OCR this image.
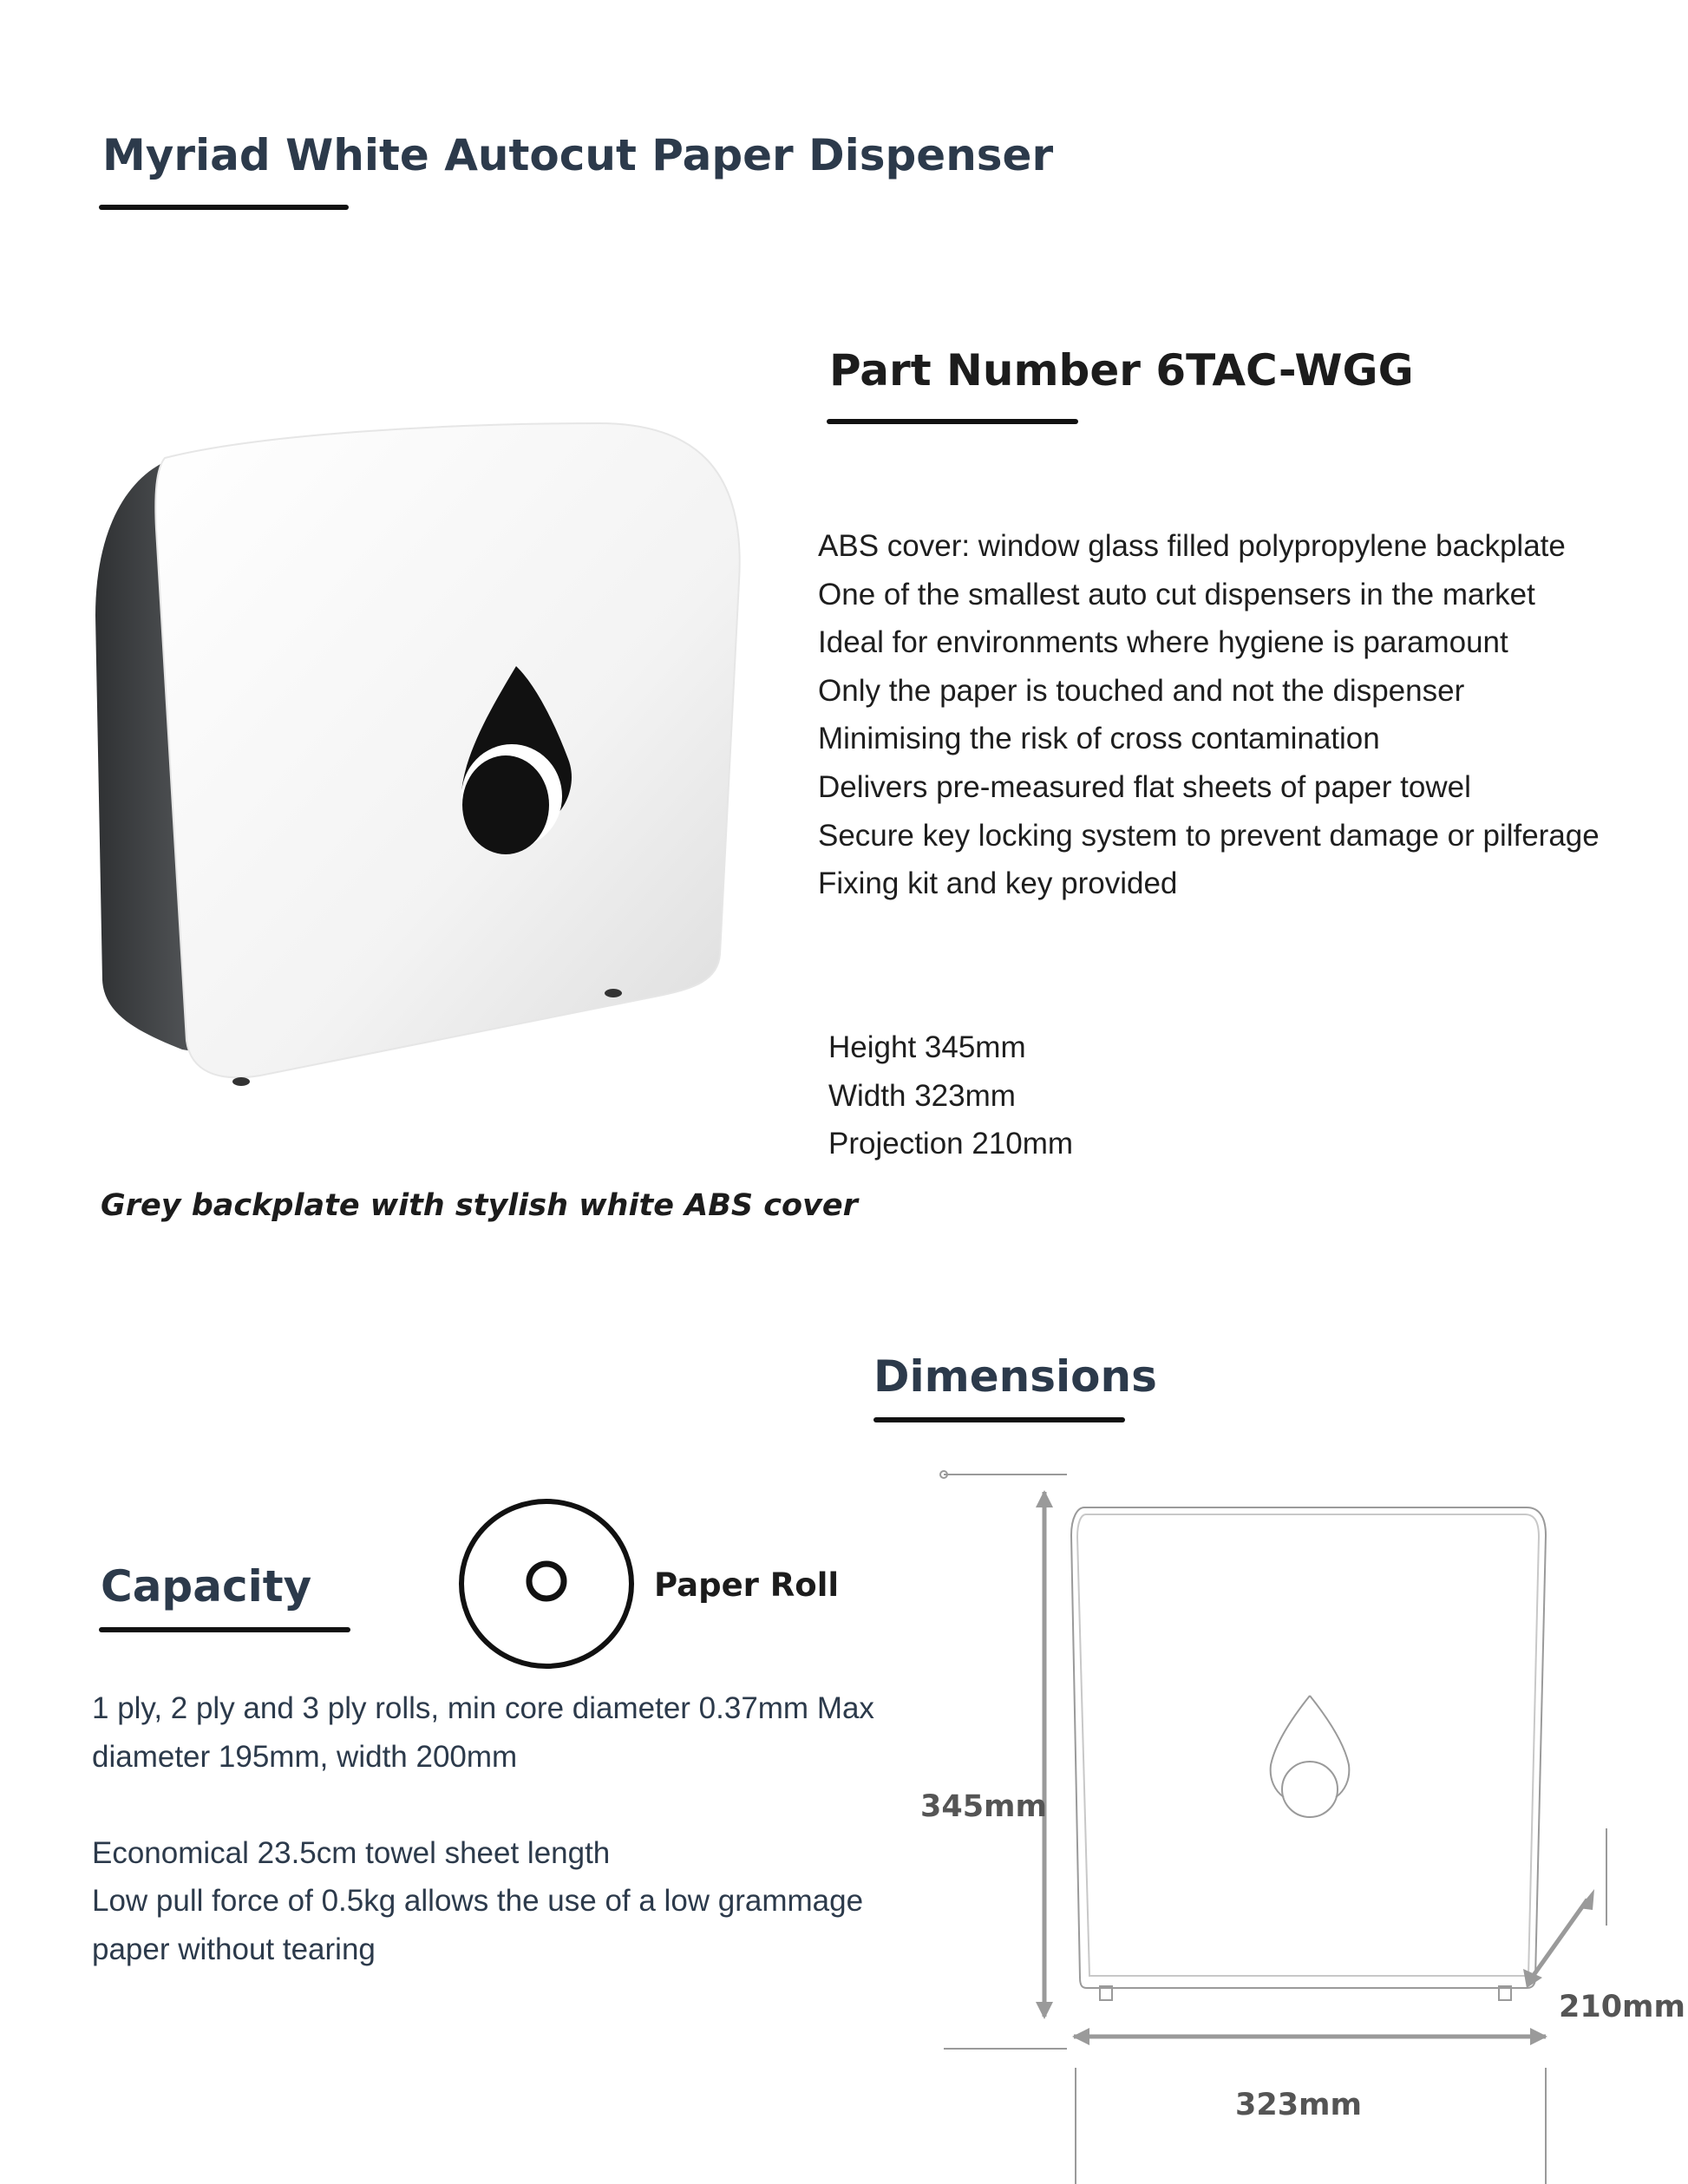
Myriad White Autocut Paper Dispenser
Grey backplate with stylish white ABS cover
Part Number 6TAC-WGG
ABS cover: window glass filled polypropylene backplate
One of the smallest auto cut dispensers in the market
Ideal for environments where hygiene is paramount
Only the paper is touched and not the dispenser
Minimising the risk of cross contamination
Delivers pre-measured flat sheets of paper towel
Secure key locking system to prevent damage or pilferage
Fixing kit and key provided
Height 345mm
Width 323mm
Projection 210mm
Dimensions
345mm
323mm
210mm
Capacity	Paper Roll
1 ply, 2 ply and 3 ply rolls, min core diameter 0.37mm Max
diameter 195mm, width 200mm

Economical 23.5cm towel sheet length
Low pull force of 0.5kg allows the use of a low grammage
paper without tearing
